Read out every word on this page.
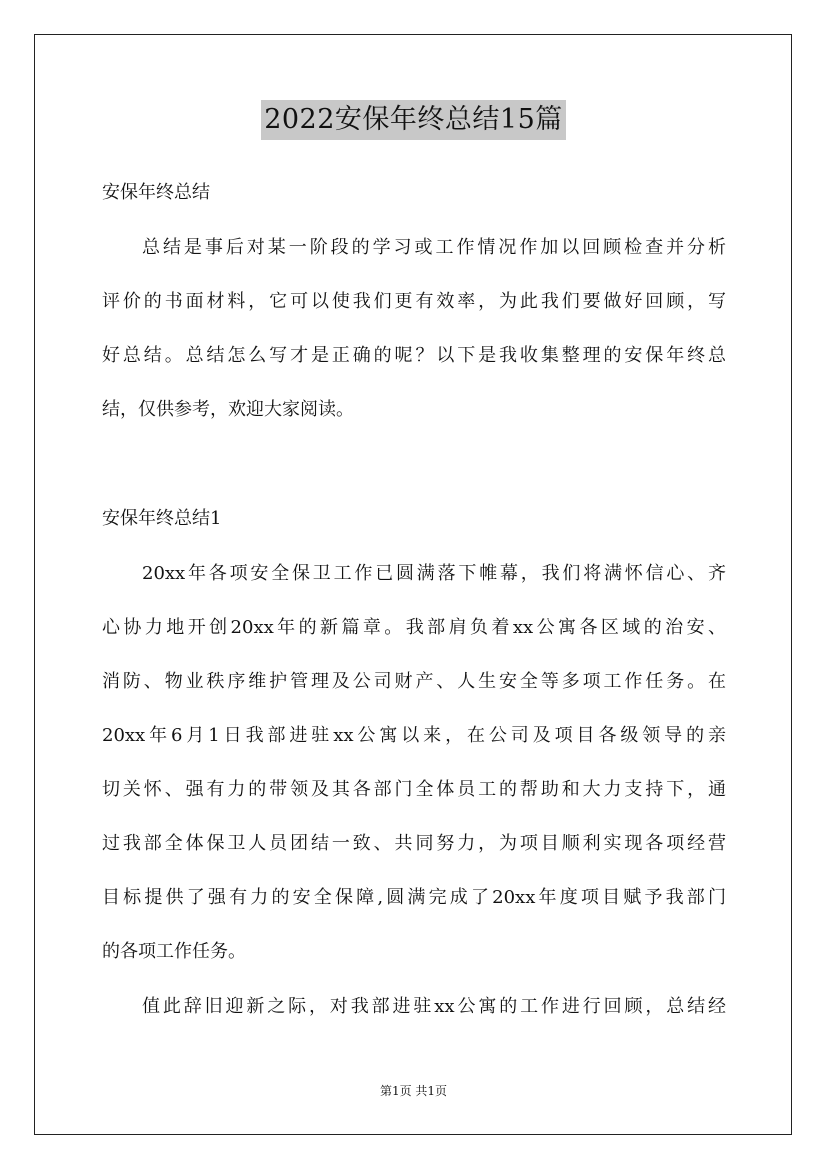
2022安保年终总结15篇
安保年终总结
总结是事后对某一阶段的学习或工作情况作加以回顾检查并分析
评价的书面材料，它可以使我们更有效率，为此我们要做好回顾，写
好总结。总结怎么写才是正确的呢？以下是我收集整理的安保年终总
结，仅供参考，欢迎大家阅读。
安保年终总结1
20xx年各项安全保卫工作已圆满落下帷幕，我们将满怀信心、齐
心协力地开创20xx年的新篇章。我部肩负着xx公寓各区域的治安、
消防、物业秩序维护管理及公司财产、人生安全等多项工作任务。在
20xx年6月1日我部进驻xx公寓以来，在公司及项目各级领导的亲
切关怀、强有力的带领及其各部门全体员工的帮助和大力支持下，通
过我部全体保卫人员团结一致、共同努力，为项目顺利实现各项经营
目标提供了强有力的安全保障,圆满完成了20xx年度项目赋予我部门
的各项工作任务。
值此辞旧迎新之际，对我部进驻xx公寓的工作进行回顾，总结经
第1页 共1页
